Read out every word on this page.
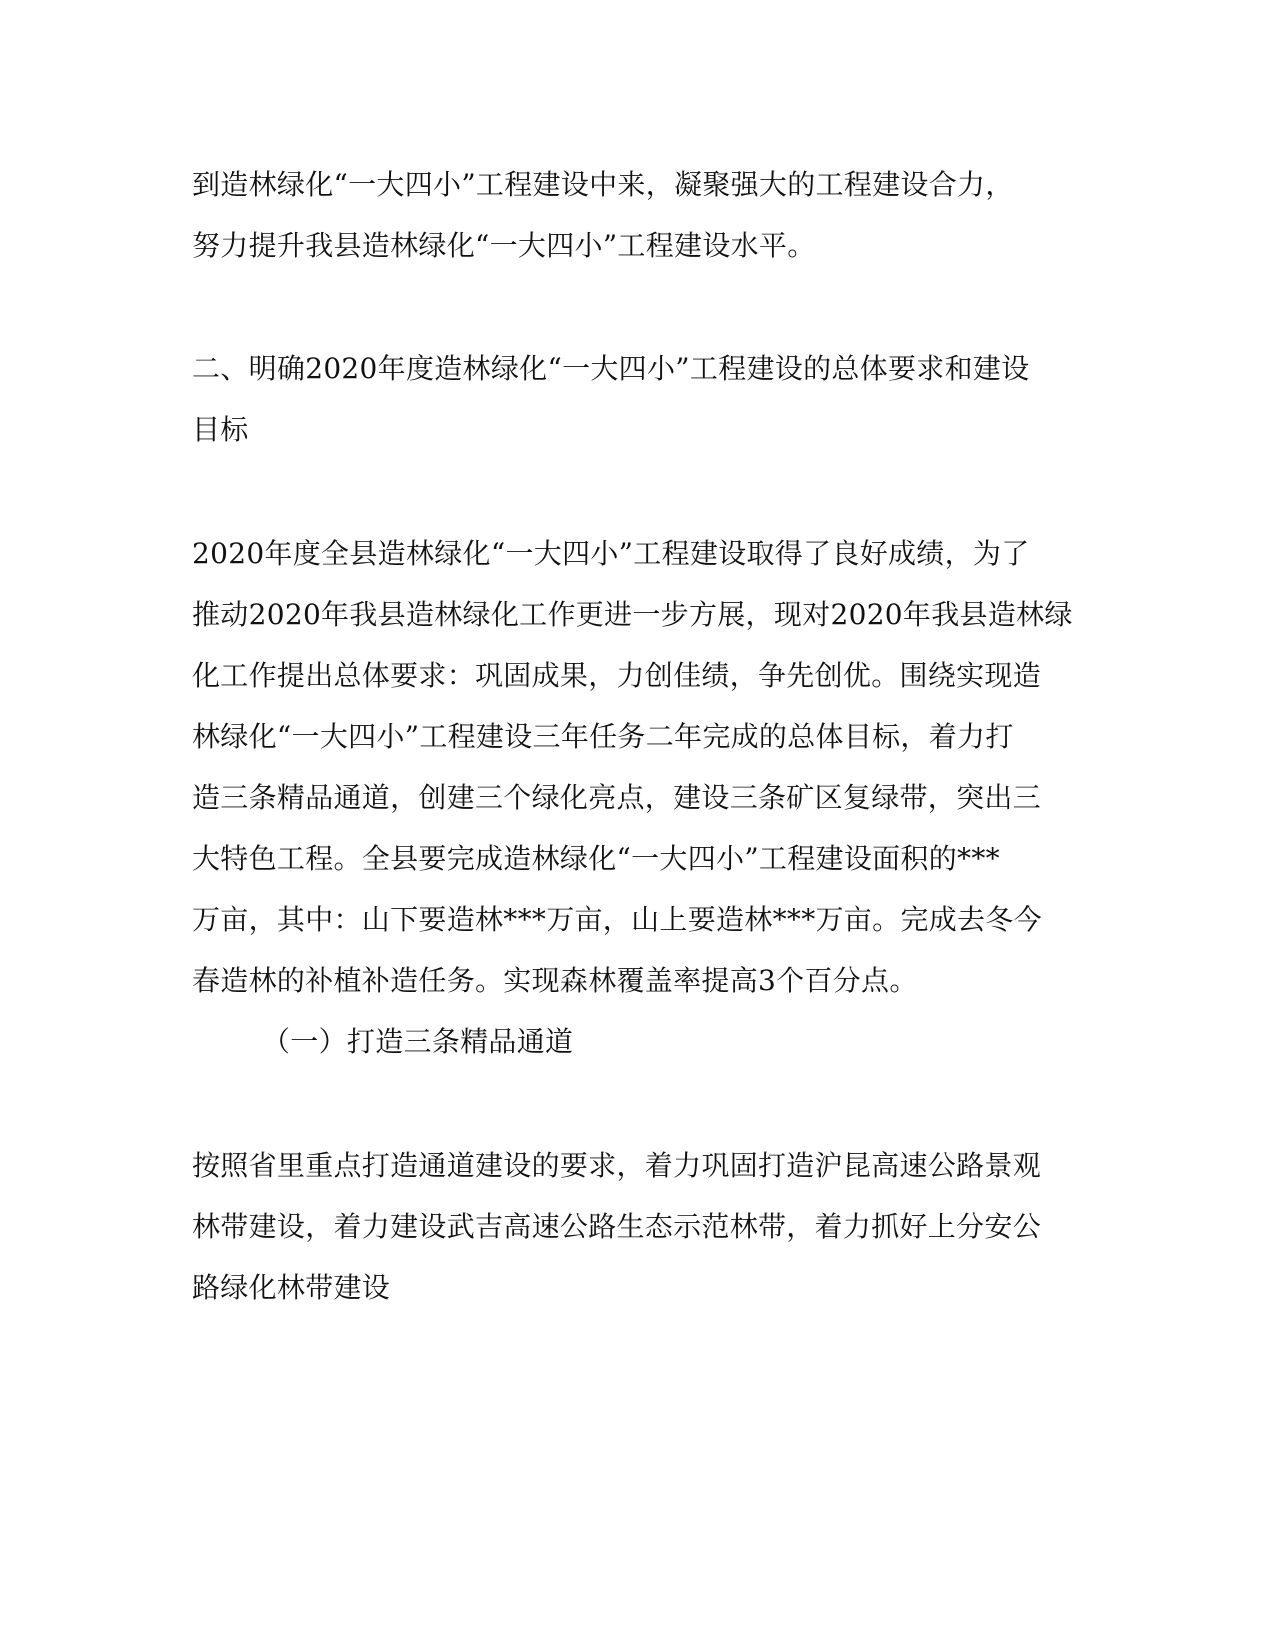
到造林绿化“一大四小”工程建设中来，凝聚强大的工程建设合力，
努力提升我县造林绿化“一大四小”工程建设水平。
二、明确2020年度造林绿化“一大四小”工程建设的总体要求和建设
目标
2020年度全县造林绿化“一大四小”工程建设取得了良好成绩，为了
推动2020年我县造林绿化工作更进一步方展，现对2020年我县造林绿
化工作提出总体要求：巩固成果，力创佳绩，争先创优。围绕实现造
林绿化“一大四小”工程建设三年任务二年完成的总体目标，着力打
造三条精品通道，创建三个绿化亮点，建设三条矿区复绿带，突出三
大特色工程。全县要完成造林绿化“一大四小”工程建设面积的***
万亩，其中：山下要造林***万亩，山上要造林***万亩。完成去冬今
春造林的补植补造任务。实现森林覆盖率提高3个百分点。
（一）打造三条精品通道
按照省里重点打造通道建设的要求，着力巩固打造沪昆高速公路景观
林带建设，着力建设武吉高速公路生态示范林带，着力抓好上分安公
路绿化林带建设
